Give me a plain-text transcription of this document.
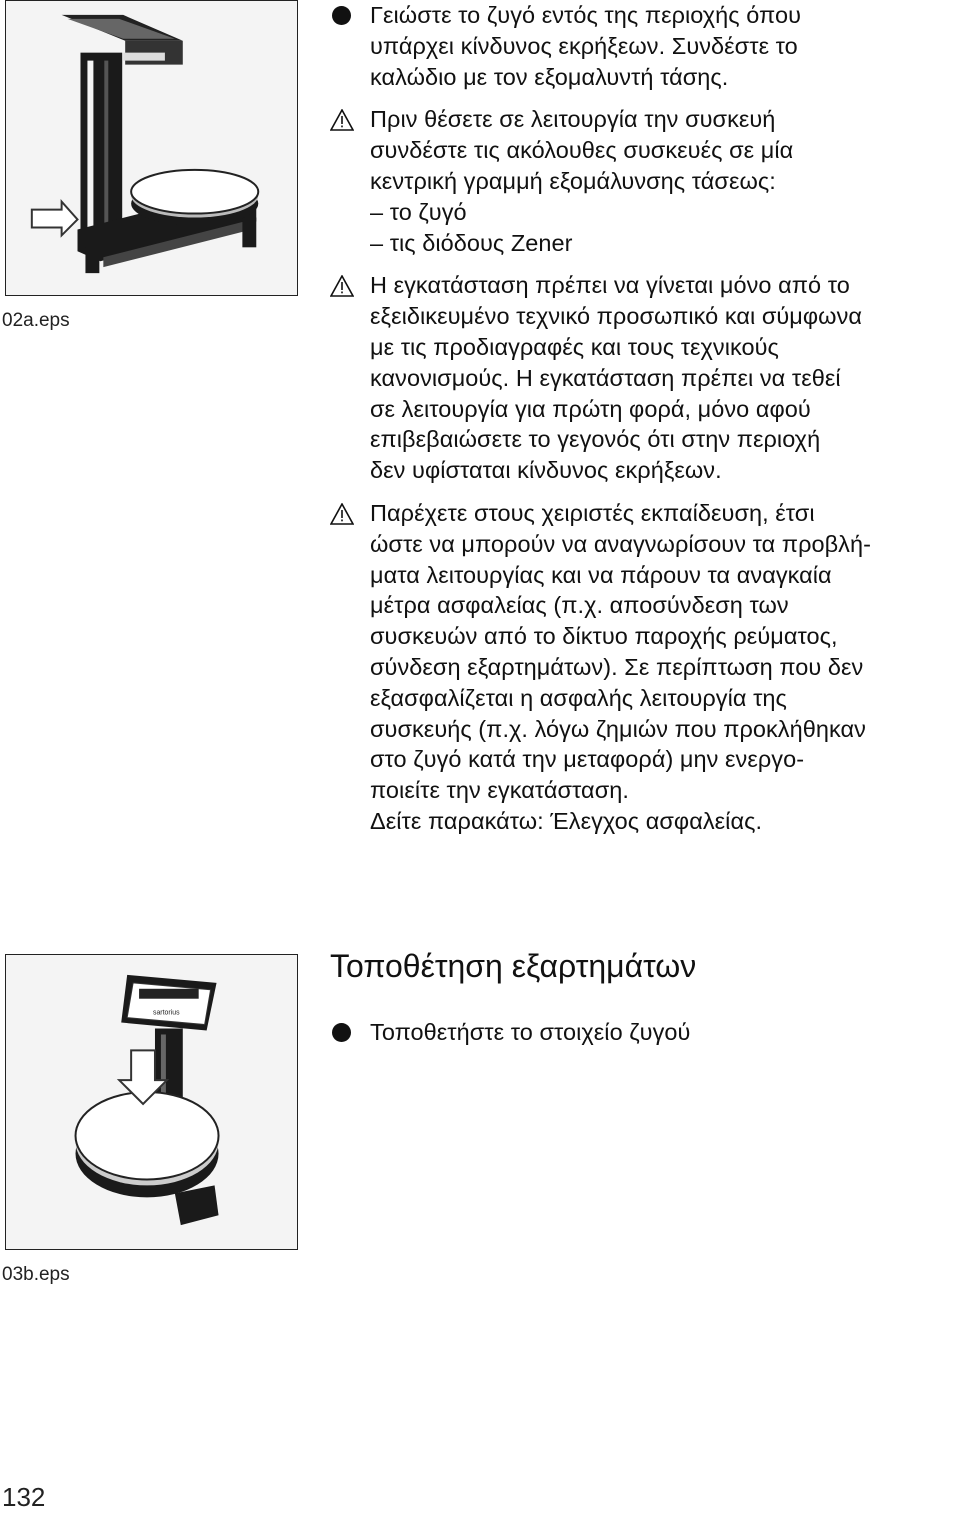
02a.eps
Γειώστε το ζυγό εντός της περιοχής όπου
υπάρχει κίνδυνος εκρήξεων. Συνδέστε το
καλώδιο με τον εξομαλυντή τάσης.
Πριν θέσετε σε λειτουργία την συσκευή
συνδέστε τις ακόλουθες συσκευές σε μία
κεντρική γραμμή εξομάλυνσης τάσεως:
– το ζυγό
– τις διόδους Zener
Η εγκατάσταση πρέπει να γίνεται μόνο από το
εξειδικευμένο τεχνικό προσωπικό και σύμφωνα
με τις προδιαγραφές και τους τεχνικούς
κανονισμούς. Η εγκατάσταση πρέπει να τεθεί
σε λειτουργία για πρώτη φορά, μόνο αφού
επιβεβαιώσετε το γεγονός ότι στην περιοχή
δεν υφίσταται κίνδυνος εκρήξεων.
Παρέχετε στους χειριστές εκπαίδευση, έτσι
ώστε να μπορούν να αναγνωρίσουν τα προβλή-
ματα λειτουργίας και να πάρουν τα αναγκαία
μέτρα ασφαλείας (π.χ. αποσύνδεση των
συσκευών από το δίκτυο παροχής ρεύματος,
σύνδεση εξαρτημάτων). Σε περίπτωση που δεν
εξασφαλίζεται η ασφαλής λειτουργία της
συσκευής (π.χ. λόγω ζημιών που προκλήθηκαν
στο ζυγό κατά την μεταφορά) μην ενεργο-
ποιείτε την εγκατάσταση.
Δείτε παρακάτω: Έλεγχος ασφαλείας.
sartorius
03b.eps
Τοποθέτηση εξαρτημάτων
Τοποθετήστε το στοιχείο ζυγού
132
